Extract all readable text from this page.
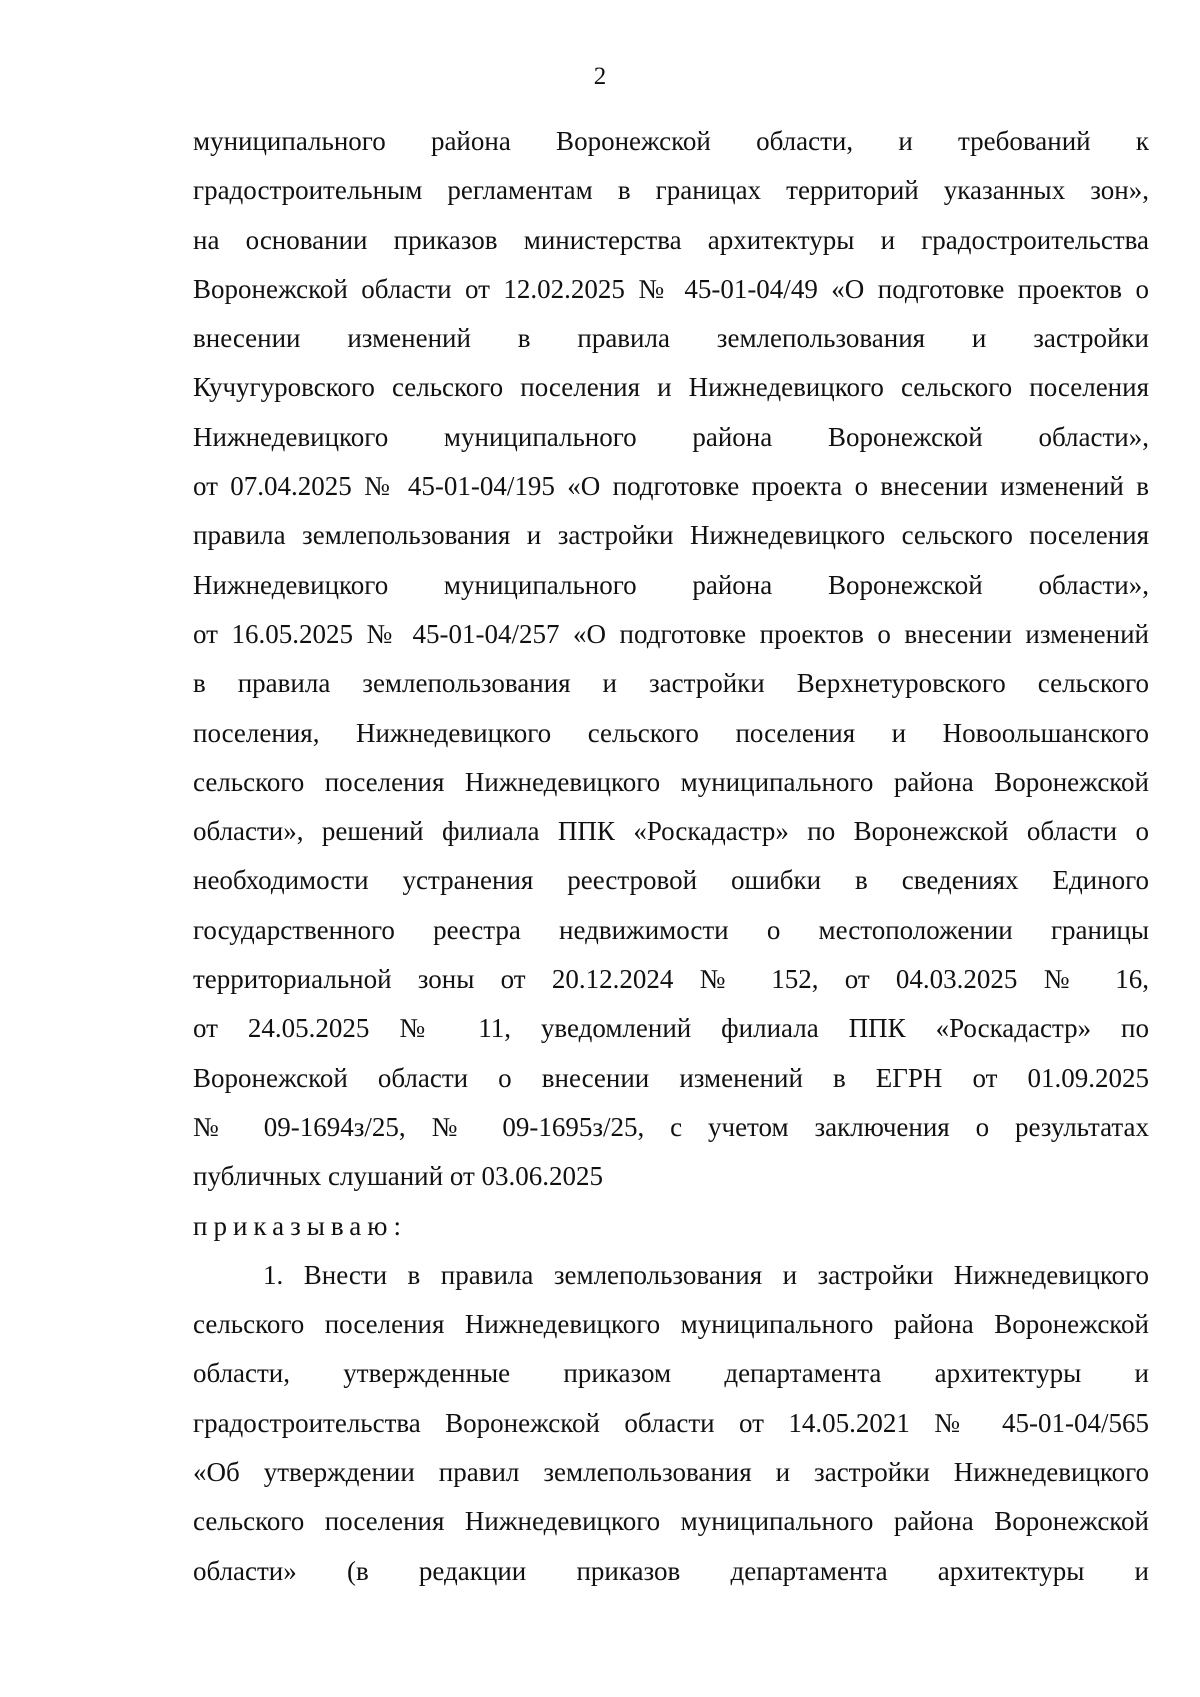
2
муниципального района Воронежской области, и требований к
градостроительным регламентам в границах территорий указанных зон»,
на основании приказов министерства архитектуры и градостроительства
Воронежской области от 12.02.2025 № 45-01-04/49 «О подготовке проектов о
внесении изменений в правила землепользования и застройки
Кучугуровского сельского поселения и Нижнедевицкого сельского поселения
Нижнедевицкого муниципального района Воронежской области»,
от 07.04.2025 № 45-01-04/195 «О подготовке проекта о внесении изменений в
правила землепользования и застройки Нижнедевицкого сельского поселения
Нижнедевицкого муниципального района Воронежской области»,
от 16.05.2025 № 45-01-04/257 «О подготовке проектов о внесении изменений
в правила землепользования и застройки Верхнетуровского сельского
поселения, Нижнедевицкого сельского поселения и Новоольшанского
сельского поселения Нижнедевицкого муниципального района Воронежской
области», решений филиала ППК «Роскадастр» по Воронежской области о
необходимости устранения реестровой ошибки в сведениях Единого
государственного реестра недвижимости о местоположении границы
территориальной зоны от 20.12.2024 № 152, от 04.03.2025 № 16,
от 24.05.2025 № 11, уведомлений филиала ППК «Роскадастр» по
Воронежской области о внесении изменений в ЕГРН от 01.09.2025
№ 09-1694з/25, № 09-1695з/25, с учетом заключения о результатах
публичных слушаний от 03.06.2025
приказываю:
1. Внести в правила землепользования и застройки Нижнедевицкого
сельского поселения Нижнедевицкого муниципального района Воронежской
области, утвержденные приказом департамента архитектуры и
градостроительства Воронежской области от 14.05.2021 № 45-01-04/565
«Об утверждении правил землепользования и застройки Нижнедевицкого
сельского поселения Нижнедевицкого муниципального района Воронежской
области» (в редакции приказов департамента архитектуры и
